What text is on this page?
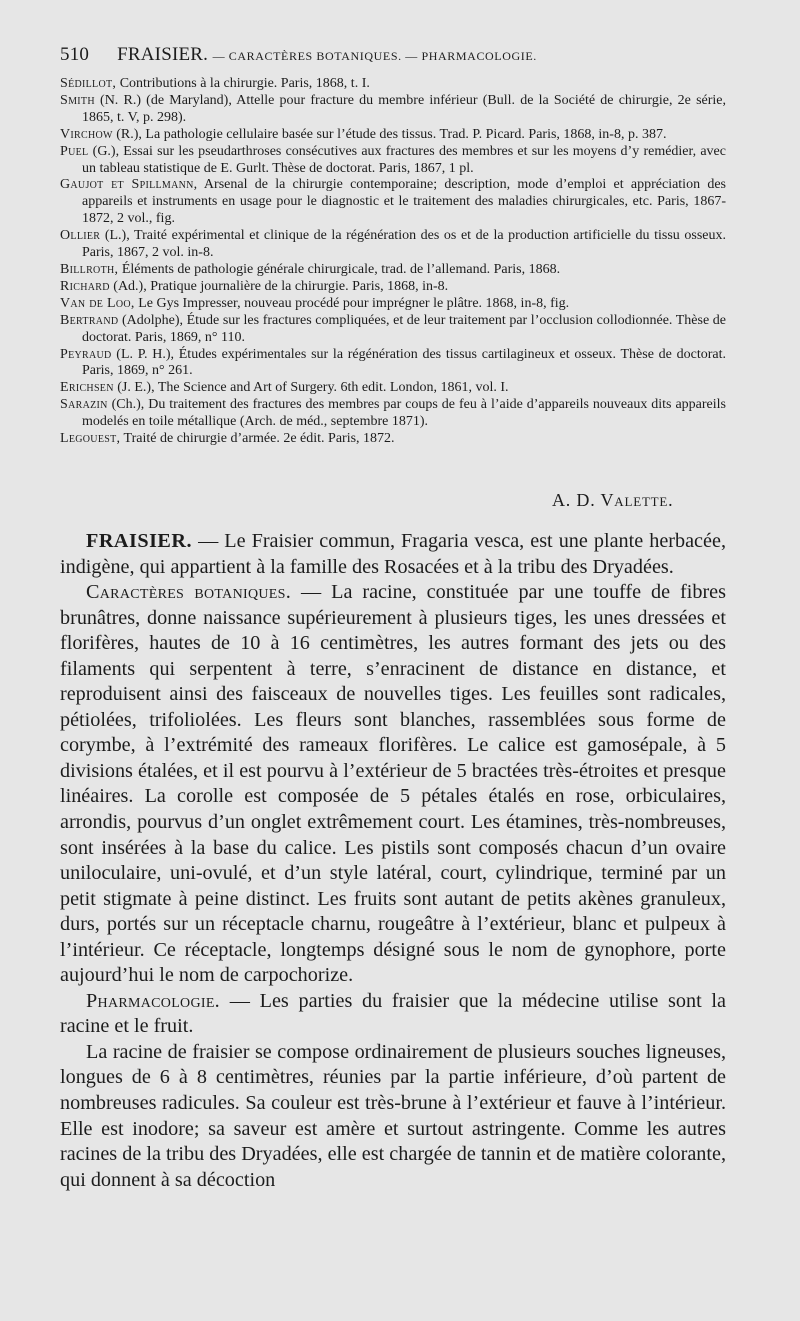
510 FRAISIER. — CARACTÈRES BOTANIQUES. — PHARMACOLOGIE.
Sédillot, Contributions à la chirurgie. Paris, 1868, t. I.
Smith (N. R.) (de Maryland), Attelle pour fracture du membre inférieur (Bull. de la Société de chirurgie, 2e série, 1865, t. V, p. 298).
Virchow (R.), La pathologie cellulaire basée sur l’étude des tissus. Trad. P. Picard. Paris, 1868, in-8, p. 387.
Puel (G.), Essai sur les pseudarthroses consécutives aux fractures des membres et sur les moyens d’y remédier, avec un tableau statistique de E. Gurlt. Thèse de doctorat. Paris, 1867, 1 pl.
Gaujot et Spillmann, Arsenal de la chirurgie contemporaine; description, mode d’emploi et appréciation des appareils et instruments en usage pour le diagnostic et le traitement des maladies chirurgicales, etc. Paris, 1867-1872, 2 vol., fig.
Ollier (L.), Traité expérimental et clinique de la régénération des os et de la production artificielle du tissu osseux. Paris, 1867, 2 vol. in-8.
Billroth, Éléments de pathologie générale chirurgicale, trad. de l’allemand. Paris, 1868.
Richard (Ad.), Pratique journalière de la chirurgie. Paris, 1868, in-8.
Van de Loo, Le Gys Impresser, nouveau procédé pour imprégner le plâtre. 1868, in-8, fig.
Bertrand (Adolphe), Étude sur les fractures compliquées, et de leur traitement par l’occlusion collodionnée. Thèse de doctorat. Paris, 1869, n° 110.
Peyraud (L. P. H.), Études expérimentales sur la régénération des tissus cartilagineux et osseux. Thèse de doctorat. Paris, 1869, n° 261.
Erichsen (J. E.), The Science and Art of Surgery. 6th edit. London, 1861, vol. I.
Sarazin (Ch.), Du traitement des fractures des membres par coups de feu à l’aide d’appareils nouveaux dits appareils modelés en toile métallique (Arch. de méd., septembre 1871).
Legouest, Traité de chirurgie d’armée. 2e édit. Paris, 1872.
A. D. Valette.

FRAISIER. — Le Fraisier commun, Fragaria vesca, est une plante herbacée, indigène, qui appartient à la famille des Rosacées et à la tribu des Dryadées.

Caractères botaniques. — La racine, constituée par une touffe de fibres brunâtres, donne naissance supérieurement à plusieurs tiges, les unes dressées et florifères, hautes de 10 à 16 centimètres, les autres formant des jets ou des filaments qui serpentent à terre, s’enracinent de distance en distance, et reproduisent ainsi des faisceaux de nouvelles tiges. Les feuilles sont radicales, pétiolées, trifoliolées. Les fleurs sont blanches, rassemblées sous forme de corymbe, à l’extrémité des rameaux florifères. Le calice est gamosépale, à 5 divisions étalées, et il est pourvu à l’extérieur de 5 bractées très-étroites et presque linéaires. La corolle est composée de 5 pétales étalés en rose, orbiculaires, arrondis, pourvus d’un onglet extrêmement court. Les étamines, très-nombreuses, sont insérées à la base du calice. Les pistils sont composés chacun d’un ovaire uniloculaire, uni-ovulé, et d’un style latéral, court, cylindrique, terminé par un petit stigmate à peine distinct. Les fruits sont autant de petits akènes granuleux, durs, portés sur un réceptacle charnu, rougeâtre à l’extérieur, blanc et pulpeux à l’intérieur. Ce réceptacle, longtemps désigné sous le nom de gynophore, porte aujourd’hui le nom de carpochorize.

Pharmacologie. — Les parties du fraisier que la médecine utilise sont la racine et le fruit.

La racine de fraisier se compose ordinairement de plusieurs souches ligneuses, longues de 6 à 8 centimètres, réunies par la partie inférieure, d’où partent de nombreuses radicules. Sa couleur est très-brune à l’extérieur et fauve à l’intérieur. Elle est inodore; sa saveur est amère et surtout astringente. Comme les autres racines de la tribu des Dryadées, elle est chargée de tannin et de matière colorante, qui donnent à sa décoction
